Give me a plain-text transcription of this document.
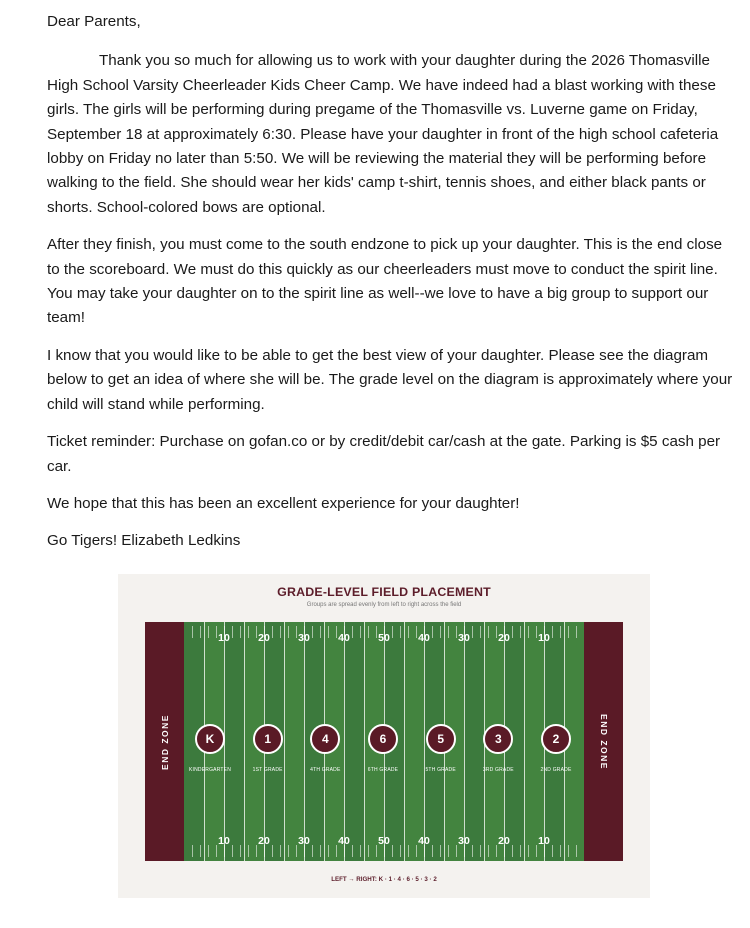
Dear Parents,

Thank you so much for allowing us to work with your daughter during the 2026 Thomasville High School Varsity Cheerleader Kids Cheer Camp. We have indeed had a blast working with these girls. The girls will be performing during pregame of the Thomasville vs. Luverne game on Friday, September 18 at approximately 6:30. Please have your daughter in front of the high school cafeteria lobby on Friday no later than 5:50. We will be reviewing the material they will be performing before walking to the field. She should wear her kids' camp t-shirt, tennis shoes, and either black pants or shorts. School-colored bows are optional.

After they finish, you must come to the south endzone to pick up your daughter. This is the end close to the scoreboard. We must do this quickly as our cheerleaders must move to conduct the spirit line. You may take your daughter on to the spirit line as well--we love to have a big group to support our team!

I know that you would like to be able to get the best view of your daughter. Please see the diagram below to get an idea of where she will be. The grade level on the diagram is approximately where your child will stand while performing.

Ticket reminder: Purchase on gofan.co or by credit/debit car/cash at the gate. Parking is $5 cash per car.

We hope that this has been an excellent experience for your daughter!

Go Tigers! Elizabeth Ledkins

GRADE-LEVEL FIELD PLACEMENT
Groups are spread evenly from left to right across the field
END ZONE	END ZONE
10	20	30	40	50	40	30	20	10
10	20	30	40	50	40	30	20	10
K
KINDERGARTEN
1
1ST GRADE
4
4TH GRADE
6
6TH GRADE
5
5TH GRADE
3
3RD GRADE
2
2ND GRADE
LEFT → RIGHT: K · 1 · 4 · 6 · 5 · 3 · 2
